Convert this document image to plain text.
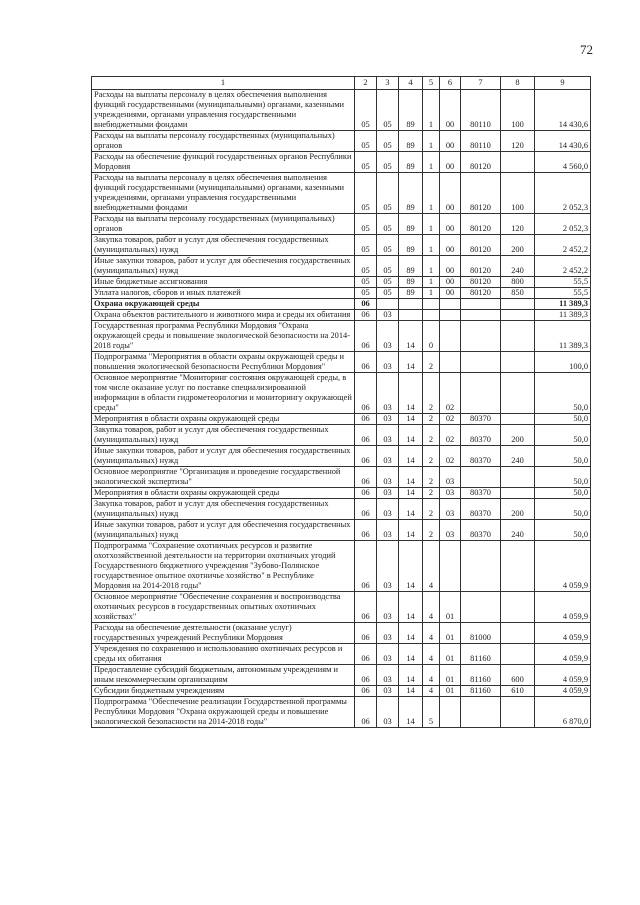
72
1	2	3	4	5	6	7	8	9
Расходы на выплаты персоналу в целях обеспечения выполнения функций государственными (муниципальными) органами, казенными учреждениями, органами управления государственными внебюджетными фондами	05	05	89	1	00	80110	100	14 430,6
Расходы на выплаты персоналу государственных (муниципальных) органов	05	05	89	1	00	80110	120	14 430,6
Расходы на обеспечение функций государственных органов Республики Мордовия	05	05	89	1	00	80120		4 560,0
Расходы на выплаты персоналу в целях обеспечения выполнения функций государственными (муниципальными) органами, казенными учреждениями, органами управления государственными внебюджетными фондами	05	05	89	1	00	80120	100	2 052,3
Расходы на выплаты персоналу государственных (муниципальных) органов	05	05	89	1	00	80120	120	2 052,3
Закупка товаров, работ и услуг для обеспечения государственных (муниципальных) нужд	05	05	89	1	00	80120	200	2 452,2
Иные закупки товаров, работ и услуг для обеспечения государственных (муниципальных) нужд	05	05	89	1	00	80120	240	2 452,2
Иные бюджетные ассигнования	05	05	89	1	00	80120	800	55,5
Уплата налогов, сборов и иных платежей	05	05	89	1	00	80120	850	55,5
Охрана окружающей среды	06							11 389,3
Охрана объектов растительного и животного мира и среды их обитания	06	03						11 389,3
Государственная программа Республики Мордовия "Охрана окружающей среды и повышение экологической безопасности на 2014-2018 годы"	06	03	14	0				11 389,3
Подпрограмма "Мероприятия в области охраны окружающей среды и повышения экологической безопасности Республики Мордовия"	06	03	14	2				100,0
Основное мероприятие "Мониторинг состояния окружающей среды, в том числе оказание услуг по поставке специализированной информации в области гидрометеорологии и мониторингу окружающей среды"	06	03	14	2	02			50,0
Мероприятия в области охраны окружающей среды	06	03	14	2	02	80370		50,0
Закупка товаров, работ и услуг для обеспечения государственных (муниципальных) нужд	06	03	14	2	02	80370	200	50,0
Иные закупки товаров, работ и услуг для обеспечения государственных (муниципальных) нужд	06	03	14	2	02	80370	240	50,0
Основное мероприятие "Организация и проведение государственной экологической экспертизы"	06	03	14	2	03			50,0
Мероприятия в области охраны окружающей среды	06	03	14	2	03	80370		50,0
Закупка товаров, работ и услуг для обеспечения государственных (муниципальных) нужд	06	03	14	2	03	80370	200	50,0
Иные закупки товаров, работ и услуг для обеспечения государственных (муниципальных) нужд	06	03	14	2	03	80370	240	50,0
Подпрограмма "Сохранение охотничьих ресурсов и развитие охотхозяйственной деятельности на территории охотничьих угодий Государственного бюджетного учреждения "Зубово-Полянское государственное опытное охотничье хозяйство" в Республике Мордовия на 2014-2018 годы"	06	03	14	4				4 059,9
Основное мероприятие "Обеспечение сохранения и воспроизводства охотничьих ресурсов в государственных опытных охотничьих хозяйствах"	06	03	14	4	01			4 059,9
Расходы на обеспечение деятельности (оказание услуг) государственных учреждений Республики Мордовия	06	03	14	4	01	81000		4 059,9
Учреждения по сохранению и использованию охотничьих ресурсов и среды их обитания	06	03	14	4	01	81160		4 059,9
Предоставление субсидий бюджетным, автономным учреждениям и иным некоммерческим организациям	06	03	14	4	01	81160	600	4 059,9
Субсидии бюджетным учреждениям	06	03	14	4	01	81160	610	4 059,9
Подпрограмма "Обеспечение реализации Государственной программы Республики Мордовия "Охрана окружающей среды и повышение экологической безопасности на 2014-2018 годы"	06	03	14	5				6 870,0
